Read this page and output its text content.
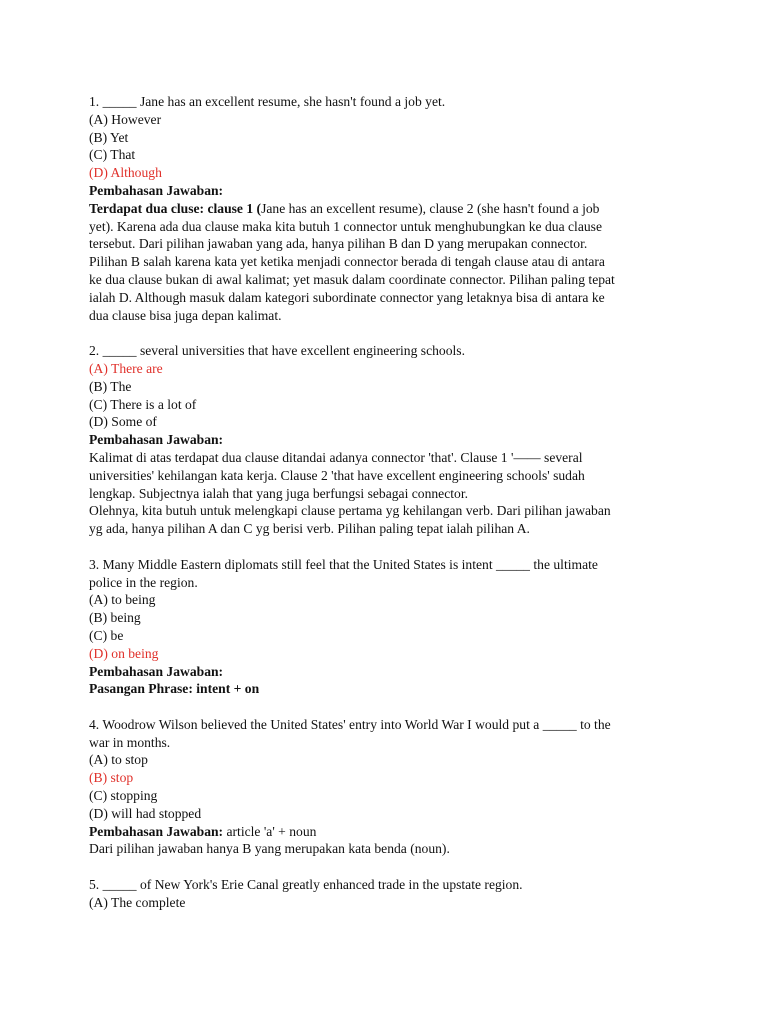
1. _____ Jane has an excellent resume, she hasn't found a job yet.
(A) However
(B) Yet
(C) That
(D) Although
Pembahasan Jawaban:
Terdapat dua cluse: clause 1 (Jane has an excellent resume), clause 2 (she hasn't found a job
yet). Karena ada dua clause maka kita butuh 1 connector untuk menghubungkan ke dua clause
tersebut. Dari pilihan jawaban yang ada, hanya pilihan B dan D yang merupakan connector.
Pilihan B salah karena kata yet ketika menjadi connector berada di tengah clause atau di antara
ke dua clause bukan di awal kalimat; yet masuk dalam coordinate connector. Pilihan paling tepat
ialah D. Although masuk dalam kategori subordinate connector yang letaknya bisa di antara ke
dua clause bisa juga depan kalimat.
2. _____ several universities that have excellent engineering schools.
(A) There are
(B) The
(C) There is a lot of
(D) Some of
Pembahasan Jawaban:
Kalimat di atas terdapat dua clause ditandai adanya connector 'that'. Clause 1 '—— several
universities' kehilangan kata kerja. Clause 2 'that have excellent engineering schools' sudah
lengkap. Subjectnya ialah that yang juga berfungsi sebagai connector.
Olehnya, kita butuh untuk melengkapi clause pertama yg kehilangan verb. Dari pilihan jawaban
yg ada, hanya pilihan A dan C yg berisi verb. Pilihan paling tepat ialah pilihan A.
3. Many Middle Eastern diplomats still feel that the United States is intent _____ the ultimate
police in the region.
(A) to being
(B) being
(C) be
(D) on being
Pembahasan Jawaban:
Pasangan Phrase: intent + on
4. Woodrow Wilson believed the United States' entry into World War I would put a _____ to the
war in months.
(A) to stop
(B) stop
(C) stopping
(D) will had stopped
Pembahasan Jawaban: article 'a' + noun
Dari pilihan jawaban hanya B yang merupakan kata benda (noun).
5. _____ of New York's Erie Canal greatly enhanced trade in the upstate region.
(A) The complete
